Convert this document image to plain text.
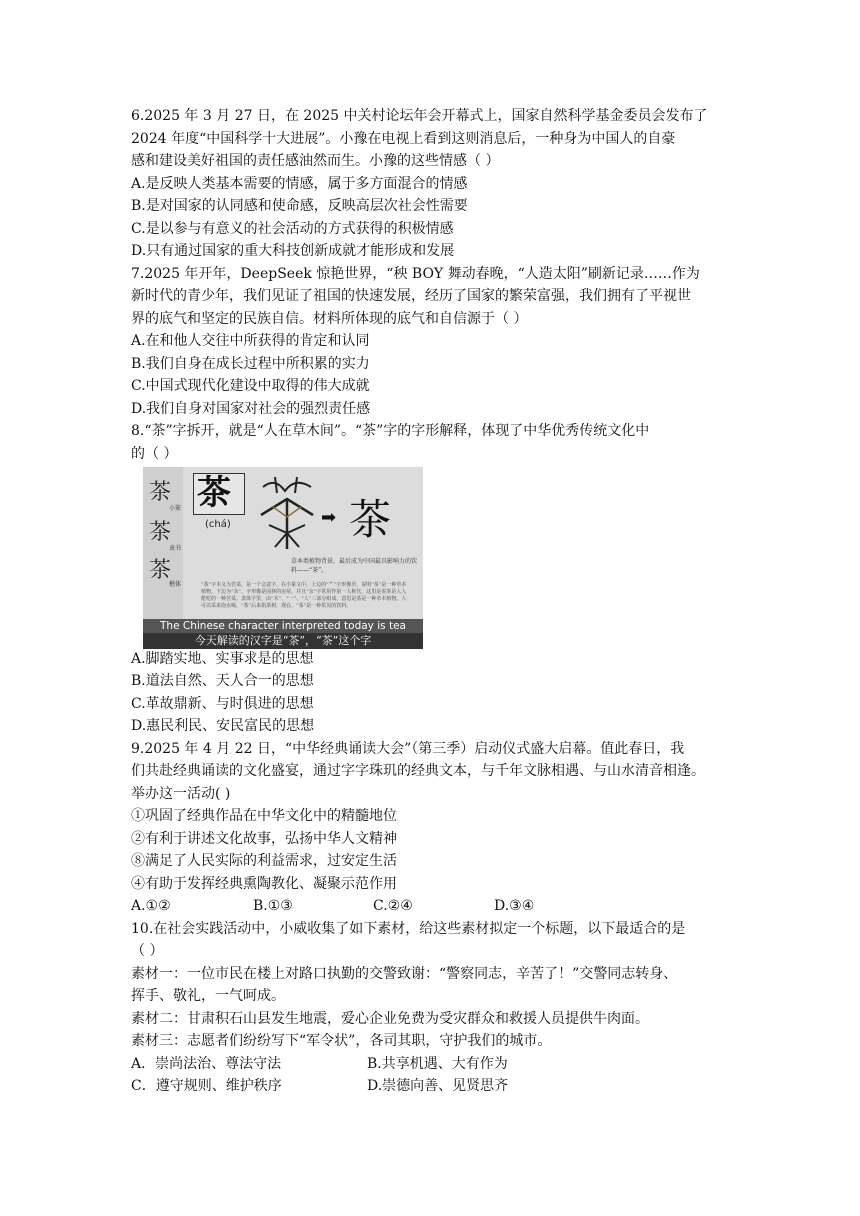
6.2025 年 3 月 27 日，在 2025 中关村论坛年会开幕式上，国家自然科学基金委员会发布了
2024 年度“中国科学十大进展”。小豫在电视上看到这则消息后，一种身为中国人的自豪
感和建设美好祖国的责任感油然而生。小豫的这些情感（ ）
A.是反映人类基本需要的情感，属于多方面混合的情感
B.是对国家的认同感和使命感，反映高层次社会性需要
C.是以参与有意义的社会活动的方式获得的积极情感
D.只有通过国家的重大科技创新成就才能形成和发展
7.2025 年开年，DeepSeek 惊艳世界，“秧 BOY 舞动春晚，“人造太阳”刷新记录……作为
新时代的青少年，我们见证了祖国的快速发展，经历了国家的繁荣富强，我们拥有了平视世
界的底气和坚定的民族自信。材料所体现的底气和自信源于（ ）
A.在和他人交往中所获得的肯定和认同
B.我们自身在成长过程中所积累的实力
C.中国式现代化建设中取得的伟大成就
D.我们自身对国家对社会的强烈责任感
8.“茶”字拆开，就是“人在草木间”。“茶”字的字形解释，体现了中华优秀传统文化中
的（ ）
茶
小篆
茶
隶书
茶
楷体
茶
(chá)	➡ 茶
草本类植物背景，最后成为中国最具影响力的饮料——“茶”。
“茶”字本义为苦菜，是一个会意字。在小篆文中，上边的“艹”字形像草，说明“茶”是一种草本植物，下边为“余”，字形像是园林的房屋，并且“余”字常用作第一人称代，这里是说茶是人人能吃的一种苦菜。隶体字里，由“木”、“一”、“人”三部分组成，意思是茶是一种草本植物，人可以采来泡水喝，“茶”后来指茶树，现在，“茶”是一种常见的饮料。
The Chinese character interpreted today is tea
今天解读的汉字是“茶”，“茶”这个字
A.脚踏实地、实事求是的思想
B.道法自然、天人合一的思想
C.革故鼎新、与时俱进的思想
D.惠民利民、安民富民的思想
9.2025 年 4 月 22 日，“中华经典诵读大会”（第三季）启动仪式盛大启幕。值此春日，我
们共赴经典诵读的文化盛宴，通过字字珠玑的经典文本，与千年文脉相遇、与山水清音相逢。
举办这一活动( )
①巩固了经典作品在中华文化中的精髓地位
②有利于讲述文化故事，弘扬中华人文精神
⑧满足了人民实际的利益需求，过安定生活
④有助于发挥经典熏陶教化、凝聚示范作用
A.①②	B.①③	C.②④	D.③④
10.在社会实践活动中，小威收集了如下素材，给这些素材拟定一个标题，以下最适合的是
（ ）
素材一：一位市民在楼上对路口执勤的交警致谢：“警察同志，辛苦了！”交警同志转身、
挥手、敬礼，一气呵成。
素材二：甘肃积石山县发生地震，爱心企业免费为受灾群众和救援人员提供牛肉面。
素材三：志愿者们纷纷写下“军令状”，各司其职，守护我们的城市。
A．崇尚法治、尊法守法	B.共享机遇、大有作为
C．遵守规则、维护秩序	D.崇德向善、见贤思齐
